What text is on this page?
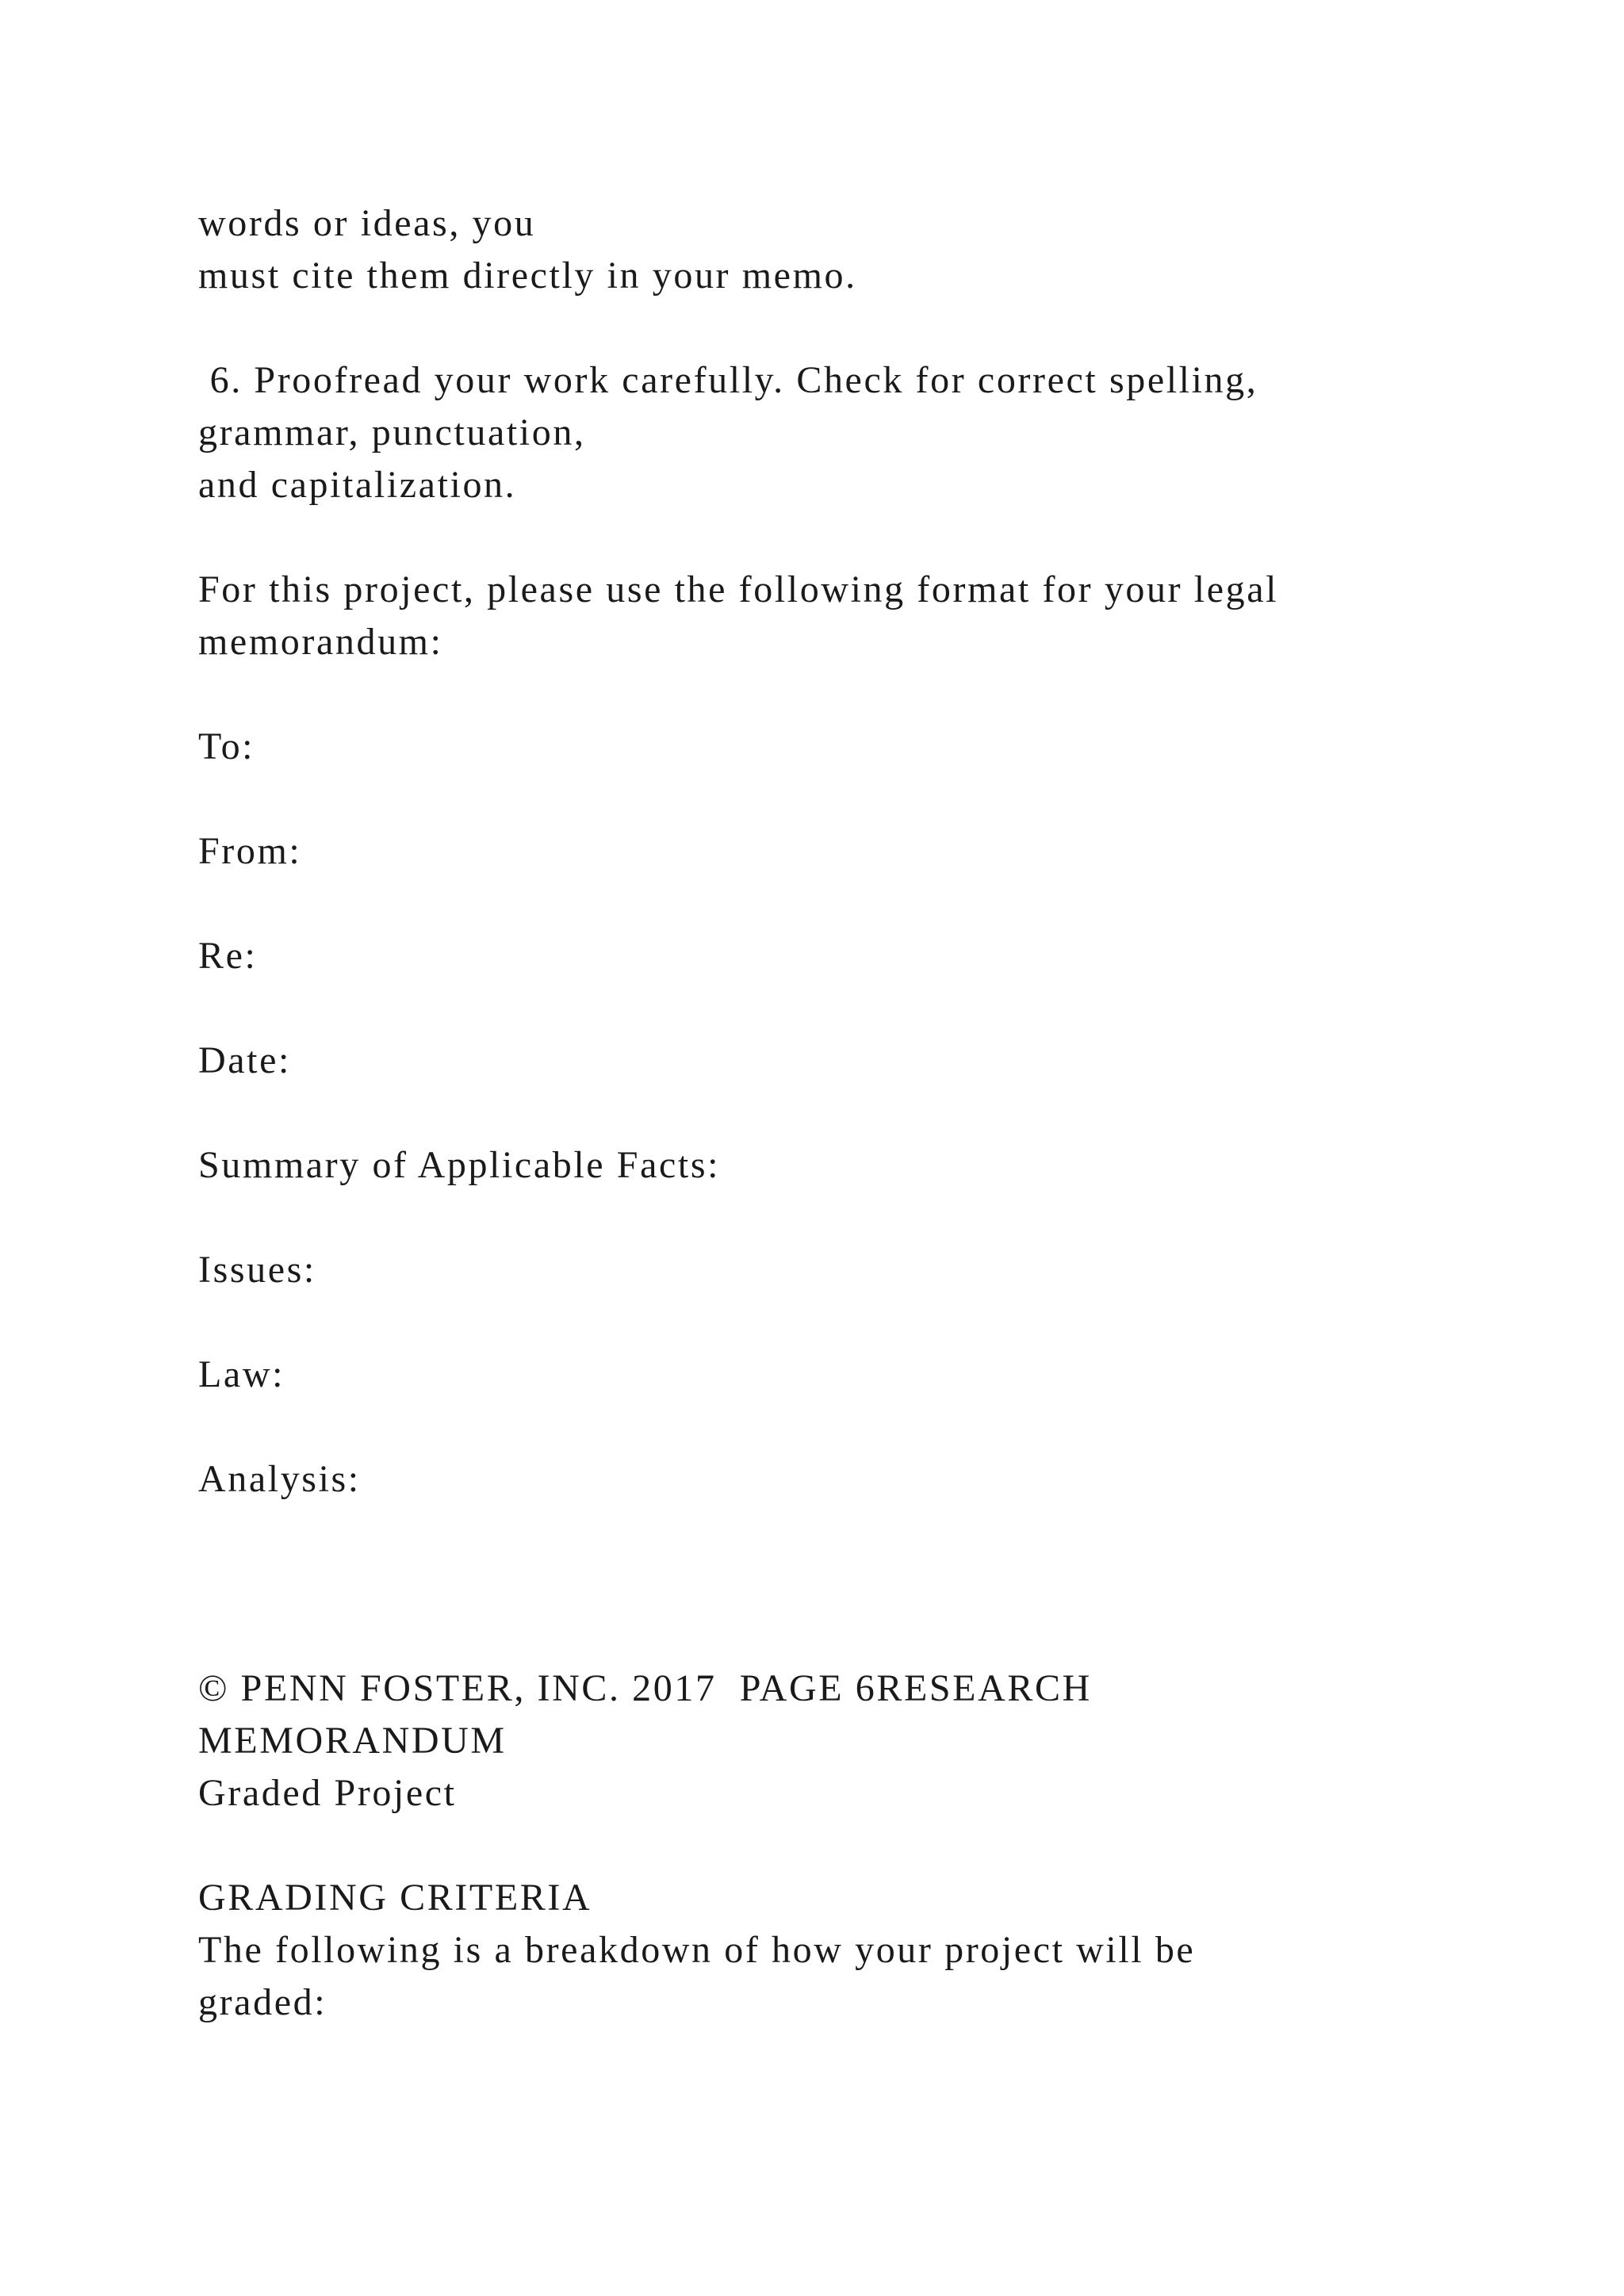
words or ideas, you
must cite them directly in your memo.
6. Proofread your work carefully. Check for correct spelling,
grammar, punctuation,
and capitalization.
For this project, please use the following format for your legal
memorandum:
To:
From:
Re:
Date:
Summary of Applicable Facts:
Issues:
Law:
Analysis:
© PENN FOSTER, INC. 2017  PAGE 6RESEARCH
MEMORANDUM
Graded Project
GRADING CRITERIA
The following is a breakdown of how your project will be
graded:
